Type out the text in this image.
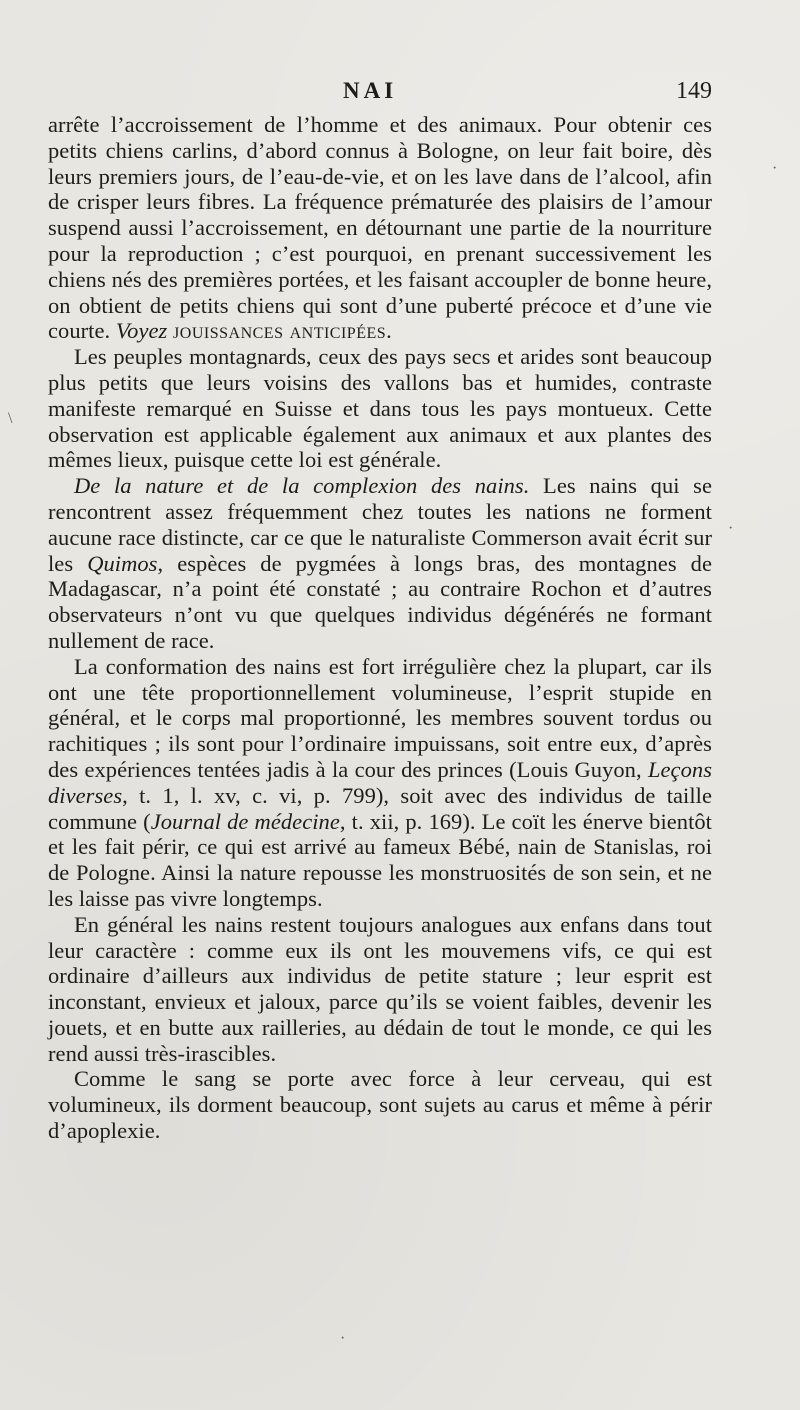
NAI	149

arrête l’accroissement de l’homme et des animaux. Pour obtenir ces petits chiens carlins, d’abord connus à Bologne, on leur fait boire, dès leurs premiers jours, de l’eau-de-vie, et on les lave dans de l’alcool, afin de crisper leurs fibres. La fréquence prématurée des plaisirs de l’amour suspend aussi l’accroissement, en détournant une partie de la nourriture pour la reproduction ; c’est pourquoi, en prenant successivement les chiens nés des premières portées, et les faisant accoupler de bonne heure, on obtient de petits chiens qui sont d’une puberté précoce et d’une vie courte. Voyez jouissances anticipées.

Les peuples montagnards, ceux des pays secs et arides sont beaucoup plus petits que leurs voisins des vallons bas et humides, contraste manifeste remarqué en Suisse et dans tous les pays montueux. Cette observation est applicable également aux animaux et aux plantes des mêmes lieux, puisque cette loi est générale.

De la nature et de la complexion des nains. Les nains qui se rencontrent assez fréquemment chez toutes les nations ne forment aucune race distincte, car ce que le naturaliste Commerson avait écrit sur les Quimos, espèces de pygmées à longs bras, des montagnes de Madagascar, n’a point été constaté ; au contraire Rochon et d’autres observateurs n’ont vu que quelques individus dégénérés ne formant nullement de race.

La conformation des nains est fort irrégulière chez la plupart, car ils ont une tête proportionnellement volumineuse, l’esprit stupide en général, et le corps mal proportionné, les membres souvent tordus ou rachitiques ; ils sont pour l’ordinaire impuissans, soit entre eux, d’après des expériences tentées jadis à la cour des princes (Louis Guyon, Leçons diverses, t. 1, l. xv, c. vi, p. 799), soit avec des individus de taille commune (Journal de médecine, t. xii, p. 169). Le coït les énerve bientôt et les fait périr, ce qui est arrivé au fameux Bébé, nain de Stanislas, roi de Pologne. Ainsi la nature repousse les monstruosités de son sein, et ne les laisse pas vivre longtemps.

En général les nains restent toujours analogues aux enfans dans tout leur caractère : comme eux ils ont les mouvemens vifs, ce qui est ordinaire d’ailleurs aux individus de petite stature ; leur esprit est inconstant, envieux et jaloux, parce qu’ils se voient faibles, devenir les jouets, et en butte aux railleries, au dédain de tout le monde, ce qui les rend aussi très-irascibles.

Comme le sang se porte avec force à leur cerveau, qui est volumineux, ils dorment beaucoup, sont sujets au carus et même à périr d’apoplexie.

·
·
\
·
